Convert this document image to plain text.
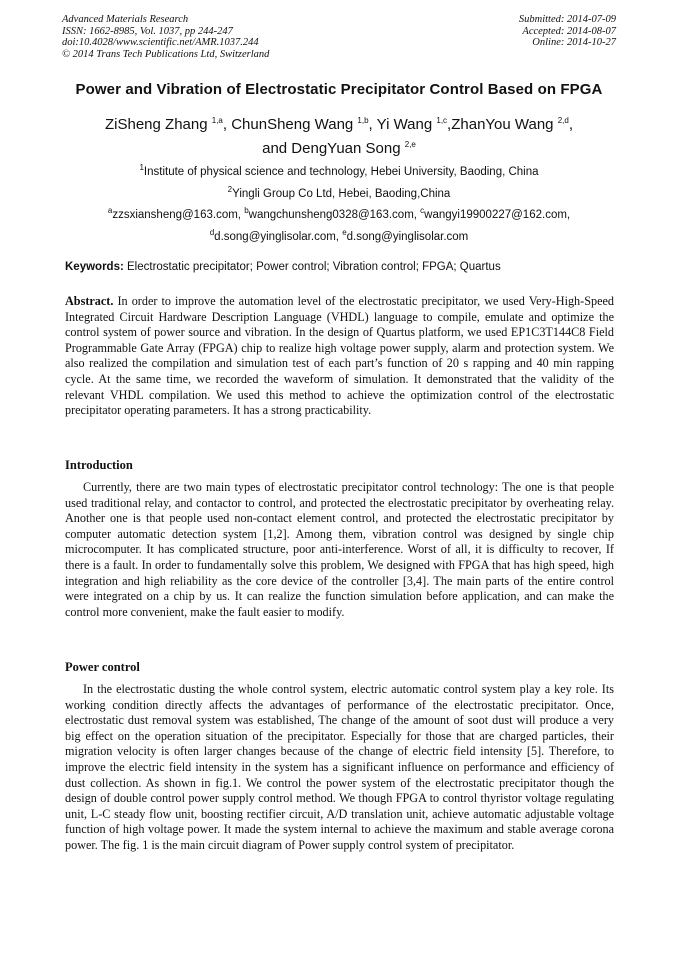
Advanced Materials Research
ISSN: 1662-8985, Vol. 1037, pp 244-247
doi:10.4028/www.scientific.net/AMR.1037.244
© 2014 Trans Tech Publications Ltd, Switzerland
Submitted: 2014-07-09
Accepted: 2014-08-07
Online: 2014-10-27
Power and Vibration of Electrostatic Precipitator Control Based on FPGA
ZiSheng Zhang $^{1,a}$, ChunSheng Wang $^{1,b}$, Yi Wang $^{1,c}$,ZhanYou Wang $^{2,d}$,
and DengYuan Song $^{2,e}$
$^1$Institute of physical science and technology, Hebei University, Baoding, China
$^2$Yingli Group Co Ltd, Hebei, Baoding,China
$^a$zzsxiansheng@163.com, $^b$wangchunsheng0328@163.com, $^c$wangyi19900227@162.com,
$^d$d.song@yinglisolar.com, $^e$d.song@yinglisolar.com
Keywords: Electrostatic precipitator; Power control; Vibration control; FPGA; Quartus

Abstract. In order to improve the automation level of the electrostatic precipitator, we used Very-High-Speed Integrated Circuit Hardware Description Language (VHDL) language to compile, emulate and optimize the control system of power source and vibration. In the design of Quartus platform, we used EP1C3T144C8 Field Programmable Gate Array (FPGA) chip to realize high voltage power supply, alarm and protection system. We also realized the compilation and simulation test of each part’s function of 20 s rapping and 40 min rapping cycle. At the same time, we recorded the waveform of simulation. It demonstrated that the validity of the relevant VHDL compilation. We used this method to achieve the optimization control of the electrostatic precipitator operating parameters. It has a strong practicability.

Introduction

Currently, there are two main types of electrostatic precipitator control technology: The one is that people used traditional relay, and contactor to control, and protected the electrostatic precipitator by overheating relay. Another one is that people used non-contact element control, and protected the electrostatic precipitator by computer automatic detection system [1,2]. Among them, vibration control was designed by single chip microcomputer. It has complicated structure, poor anti-interference. Worst of all, it is difficulty to recover, If there is a fault. In order to fundamentally solve this problem, We designed with FPGA that has high speed, high integration and high reliability as the core device of the controller [3,4]. The main parts of the entire control were integrated on a chip by us. It can realize the function simulation before application, and can make the control more convenient, make the fault easier to modify.

Power control

In the electrostatic dusting the whole control system, electric automatic control system play a key role. Its working condition directly affects the advantages of performance of the electrostatic precipitator. Once, electrostatic dust removal system was established, The change of the amount of soot dust will produce a very big effect on the operation situation of the precipitator. Especially for those that are charged particles, their migration velocity is often larger changes because of the change of electric field intensity [5]. Therefore, to improve the electric field intensity in the system has a significant influence on performance and efficiency of dust collection. As shown in fig.1. We control the power system of the electrostatic precipitator though the design of double control power supply control method. We though FPGA to control thyristor voltage regulating unit, L-C steady flow unit, boosting rectifier circuit, A/D translation unit, achieve automatic adjustable voltage function of high voltage power. It made the system internal to achieve the maximum and stable average corona power. The fig. 1 is the main circuit diagram of Power supply control system of precipitator.
